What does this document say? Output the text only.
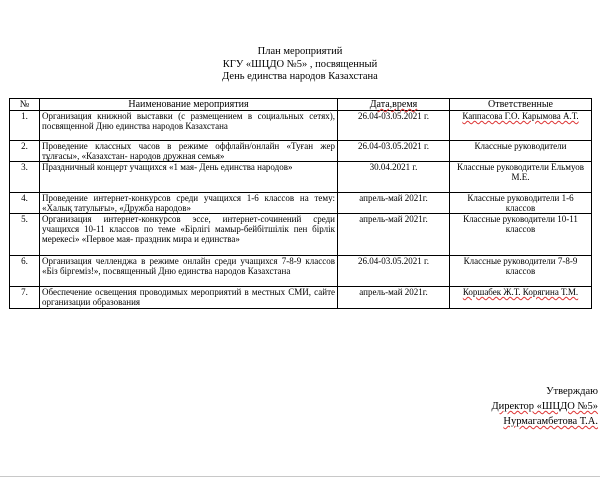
План мероприятий
КГУ «ШЦДО №5» , посвященный
День единства народов Казахстана
№	Наименование мероприятия	Дата,время	Ответственные
1.	Организация книжной выставки (с размещением в социальных сетях), посвященной Дню единства народов Казахстана	26.04-03.05.2021 г.	Каппасова Г.О. Карымова А.Т.
2.	Проведение классных часов в режиме оффлайн/онлайн «Туған жер тұлғасы», «Казахстан- народов дружная семья»	26.04-03.05.2021 г.	Классные руководители
3.	Праздничный концерт учащихся «1 мая- День единства народов»	30.04.2021 г.	Классные руководители Ельмуов М.Е.
4.	Проведение интернет-конкурсов среди учащихся 1-6 классов на тему: «Халық татулығы», «Дружба народов»	апрель-май 2021г.	Классные руководители 1-6 классов
5.	Организация интернет-конкурсов эссе, интернет-сочинений среди учащихся 10-11 классов по теме «Бірлігі мамыр-бейбітшілік пен бірлік мерекесі» «Первое мая- праздник мира и единства»	апрель-май 2021г.	Классные руководители 10-11 классов
6.	Организация челленджа в режиме онлайн среди учащихся 7-8-9 классов «Біз біргеміз!», посвященный Дню единства народов Казахстана	26.04-03.05.2021 г.	Классные руководители 7-8-9 классов
7.	Обеспечение освещения проводимых мероприятий в местных СМИ, сайте организации образования	апрель-май 2021г.	Коршабек Ж.Т. Корягина Т.М.
Утверждаю
Директор «ШЦДО №5»
Нурмагамбетова Т.А.
